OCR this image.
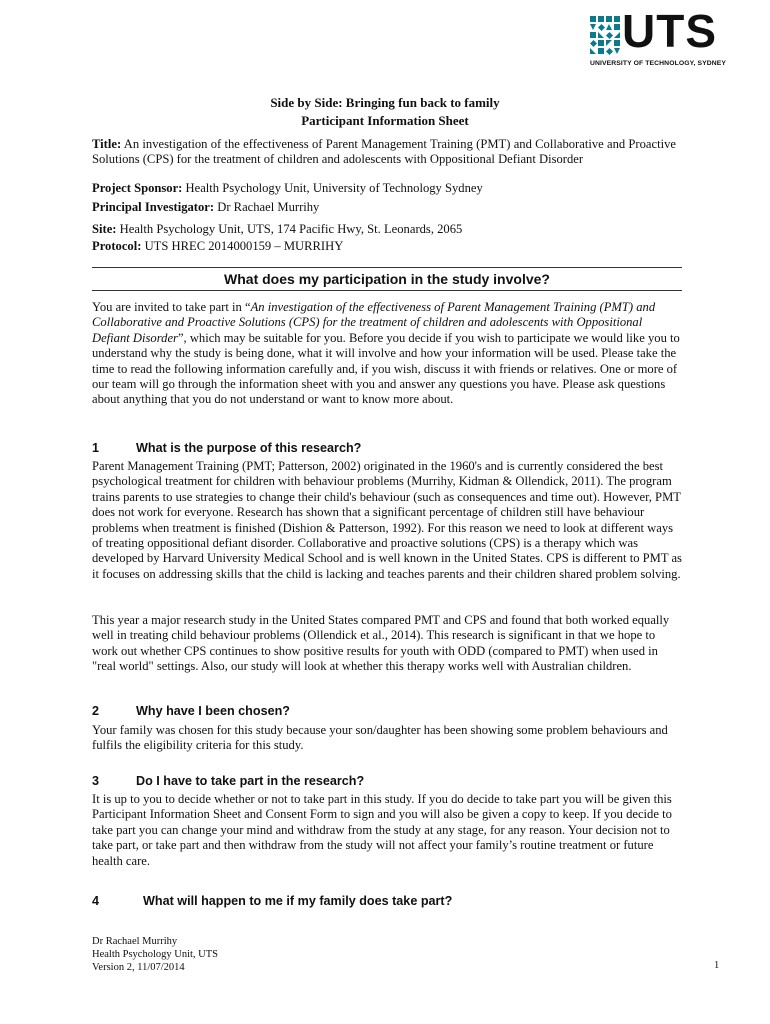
UTS
UNIVERSITY OF TECHNOLOGY, SYDNEY
Side by Side: Bringing fun back to family
Participant Information Sheet
Title: An investigation of the effectiveness of Parent Management Training (PMT) and Collaborative and Proactive Solutions (CPS) for the treatment of children and adolescents with Oppositional Defiant Disorder
Project Sponsor: Health Psychology Unit, University of Technology Sydney
Principal Investigator: Dr Rachael Murrihy
Site: Health Psychology Unit, UTS, 174 Pacific Hwy, St. Leonards, 2065
Protocol: UTS HREC 2014000159 – MURRIHY
What does my participation in the study involve?
You are invited to take part in “An investigation of the effectiveness of Parent Management Training (PMT) and Collaborative and Proactive Solutions (CPS) for the treatment of children and adolescents with Oppositional Defiant Disorder”, which may be suitable for you. Before you decide if you wish to participate we would like you to understand why the study is being done, what it will involve and how your information will be used. Please take the time to read the following information carefully and, if you wish, discuss it with friends or relatives. One or more of our team will go through the information sheet with you and answer any questions you have. Please ask questions about anything that you do not understand or want to know more about.
1	What is the purpose of this research?
Parent Management Training (PMT; Patterson, 2002) originated in the 1960's and is currently considered the best psychological treatment for children with behaviour problems (Murrihy, Kidman & Ollendick, 2011). The program trains parents to use strategies to change their child's behaviour (such as consequences and time out). However, PMT does not work for everyone. Research has shown that a significant percentage of children still have behaviour problems when treatment is finished (Dishion & Patterson, 1992). For this reason we need to look at different ways of treating oppositional defiant disorder. Collaborative and proactive solutions (CPS) is a therapy which was developed by Harvard University Medical School and is well known in the United States. CPS is different to PMT as it focuses on addressing skills that the child is lacking and teaches parents and their children shared problem solving.
This year a major research study in the United States compared PMT and CPS and found that both worked equally well in treating child behaviour problems (Ollendick et al., 2014). This research is significant in that we hope to work out whether CPS continues to show positive results for youth with ODD (compared to PMT) when used in "real world" settings. Also, our study will look at whether this therapy works well with Australian children.
2	Why have I been chosen?
Your family was chosen for this study because your son/daughter has been showing some problem behaviours and fulfils the eligibility criteria for this study.
3	Do I have to take part in the research?
It is up to you to decide whether or not to take part in this study. If you do decide to take part you will be given this Participant Information Sheet and Consent Form to sign and you will also be given a copy to keep. If you decide to take part you can change your mind and withdraw from the study at any stage, for any reason. Your decision not to take part, or take part and then withdraw from the study will not affect your family’s routine treatment or future health care.
4	What will happen to me if my family does take part?
Dr Rachael Murrihy
Health Psychology Unit, UTS
Version 2, 11/07/2014	1
